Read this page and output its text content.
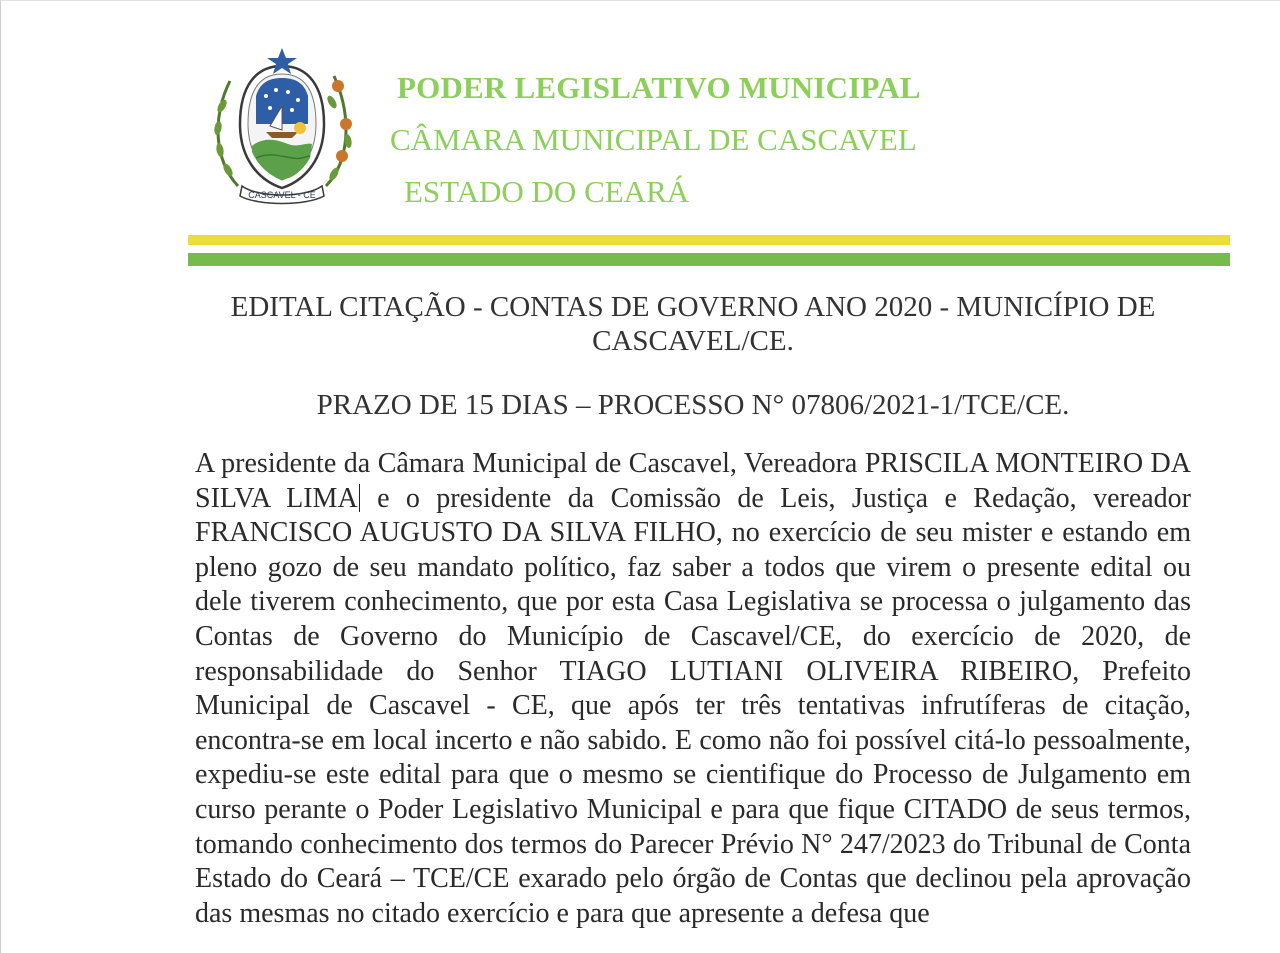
CASCAVEL - CE
PODER LEGISLATIVO MUNICIPAL
CÂMARA MUNICIPAL DE CASCAVEL
ESTADO DO CEARÁ
EDITAL CITAÇÃO - CONTAS DE GOVERNO ANO 2020 - MUNICÍPIO DE CASCAVEL/CE.
PRAZO DE 15 DIAS – PROCESSO N° 07806/2021-1/TCE/CE.
A presidente da Câmara Municipal de Cascavel, Vereadora PRISCILA MONTEIRO DA SILVA LIMA e o presidente da Comissão de Leis, Justiça e Redação, vereador FRANCISCO AUGUSTO DA SILVA FILHO, no exercício de seu mister e estando em pleno gozo de seu mandato político, faz saber a todos que virem o presente edital ou dele tiverem conhecimento, que por esta Casa Legislativa se processa o julgamento das Contas de Governo do Município de Cascavel/CE, do exercício de 2020, de responsabilidade do Senhor TIAGO LUTIANI OLIVEIRA RIBEIRO, Prefeito Municipal de Cascavel - CE, que após ter três tentativas infrutíferas de citação, encontra-se em local incerto e não sabido. E como não foi possível citá-lo pessoalmente, expediu-se este edital para que o mesmo se cientifique do Processo de Julgamento em curso perante o Poder Legislativo Municipal e para que fique CITADO de seus termos, tomando conhecimento dos termos do Parecer Prévio N° 247/2023 do Tribunal de Conta Estado do Ceará – TCE/CE exarado pelo órgão de Contas que declinou pela aprovação das mesmas no citado exercício e para que apresente a defesa que
